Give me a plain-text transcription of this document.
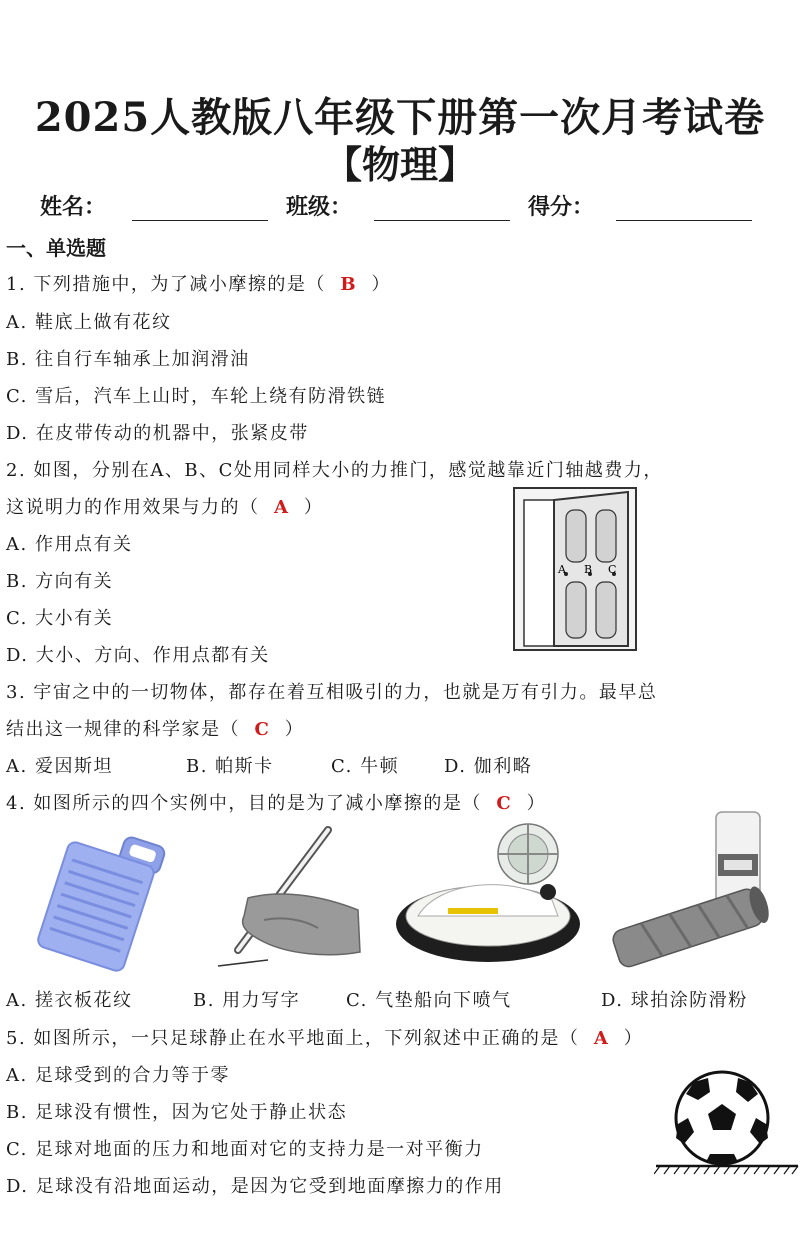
2025人教版八年级下册第一次月考试卷
【物理】
姓名：	班级：	得分：
一、单选题
1. 下列措施中，为了减小摩擦的是（ B ）
A. 鞋底上做有花纹
B. 往自行车轴承上加润滑油
C. 雪后，汽车上山时，车轮上绕有防滑铁链
D. 在皮带传动的机器中，张紧皮带
2. 如图，分别在A、B、C处用同样大小的力推门，感觉越靠近门轴越费力，
这说明力的作用效果与力的（ A ）
A. 作用点有关
B. 方向有关
C. 大小有关
D. 大小、方向、作用点都有关
A B C
3. 宇宙之中的一切物体，都存在着互相吸引的力，也就是万有引力。最早总
结出这一规律的科学家是（ C ）
A. 爱因斯坦	B. 帕斯卡	C. 牛顿 D. 伽利略
4. 如图所示的四个实例中，目的是为了减小摩擦的是（ C ）
A. 搓衣板花纹	B. 用力写字	C. 气垫船向下喷气	D. 球拍涂防滑粉
5. 如图所示，一只足球静止在水平地面上，下列叙述中正确的是（ A ）
A. 足球受到的合力等于零
B. 足球没有惯性，因为它处于静止状态
C. 足球对地面的压力和地面对它的支持力是一对平衡力
D. 足球没有沿地面运动，是因为它受到地面摩擦力的作用
